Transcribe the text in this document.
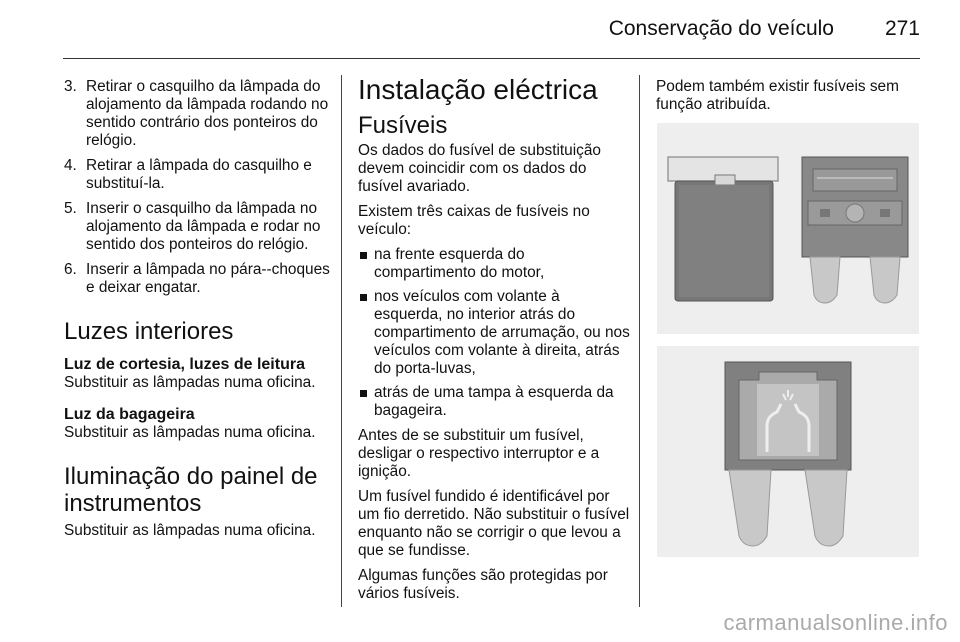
Conservação do veículo 271
3. Retirar o casquilho da lâmpada do alojamento da lâmpada rodando no sentido contrário dos ponteiros do relógio.
4. Retirar a lâmpada do casquilho e substituí-la.
5. Inserir o casquilho da lâmpada no alojamento da lâmpada e rodar no sentido dos ponteiros do relógio.
6. Inserir a lâmpada no pára--choques e deixar engatar.
Luzes interiores
Luz de cortesia, luzes de leitura

Substituir as lâmpadas numa oficina.

Luz da bagageira

Substituir as lâmpadas numa oficina.

Iluminação do painel de instrumentos

Substituir as lâmpadas numa oficina.

Instalação eléctrica
Fusíveis

Os dados do fusível de substituição devem coincidir com os dados do fusível avariado.

Existem três caixas de fusíveis no veículo:

na frente esquerda do compartimento do motor,
nos veículos com volante à esquerda, no interior atrás do compartimento de arrumação, ou nos veículos com volante à direita, atrás do porta-luvas,
atrás de uma tampa à esquerda da bagageira.

Antes de se substituir um fusível, desligar o respectivo interruptor e a ignição.

Um fusível fundido é identificável por um fio derretido. Não substituir o fusível enquanto não se corrigir o que levou a que se fundisse.

Algumas funções são protegidas por vários fusíveis.

Podem também existir fusíveis sem função atribuída.

carmanualsonline.info
